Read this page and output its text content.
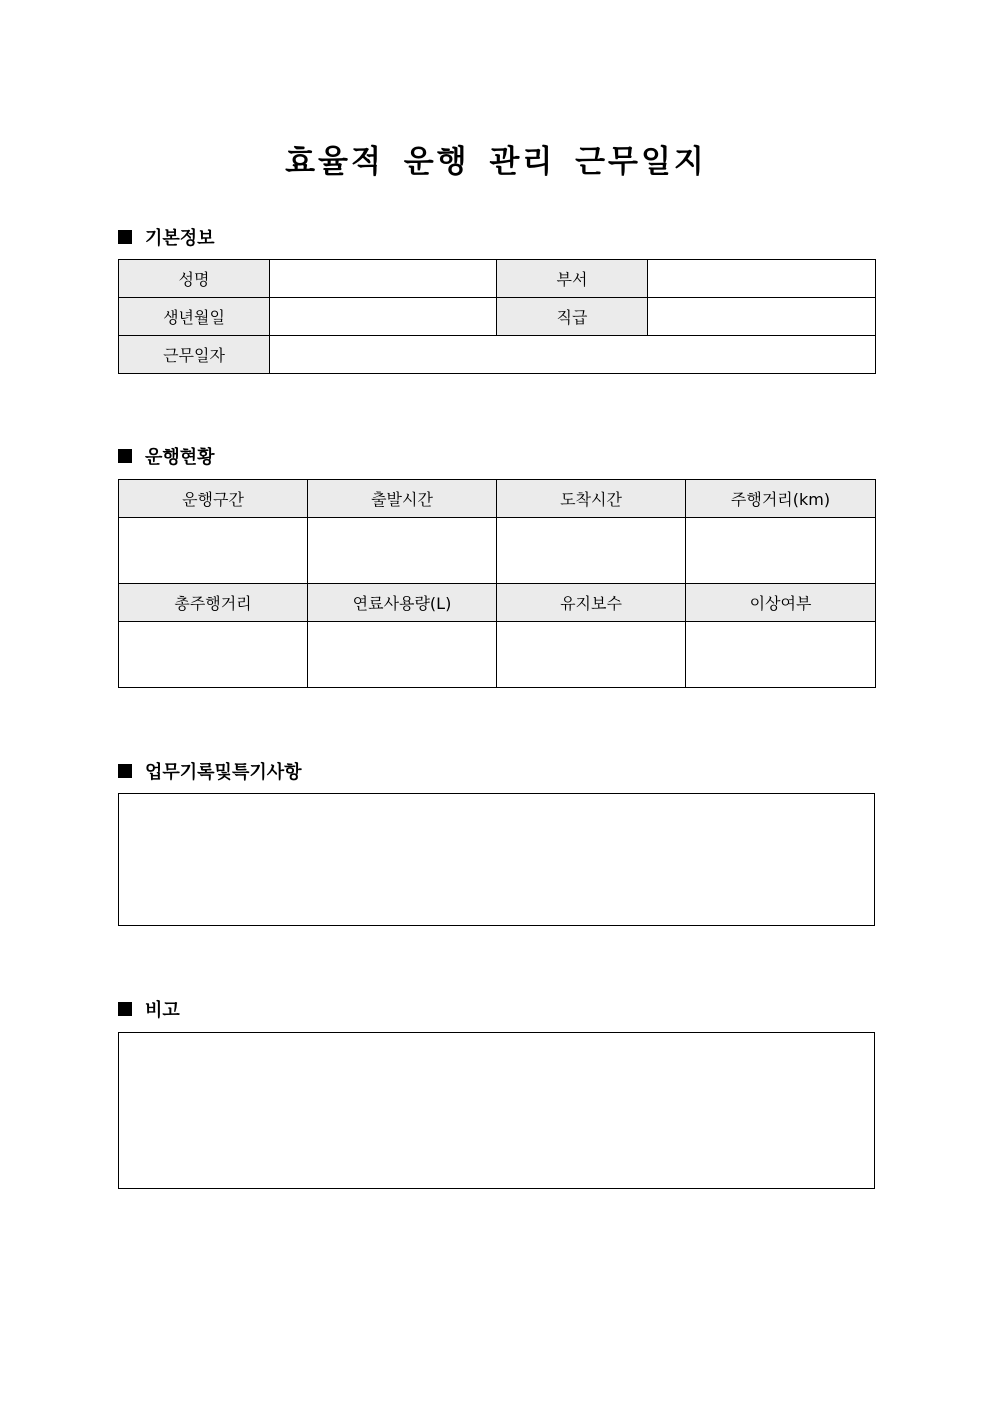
효율적 운행 관리 근무일지
기본정보
성명		부서	
생년월일		직급	
근무일자			
운행현황
운행구간	출발시간	도착시간	주행거리(km)

총주행거리	연료사용량(L)	유지보수	이상여부

업무기록및특기사항
비고
